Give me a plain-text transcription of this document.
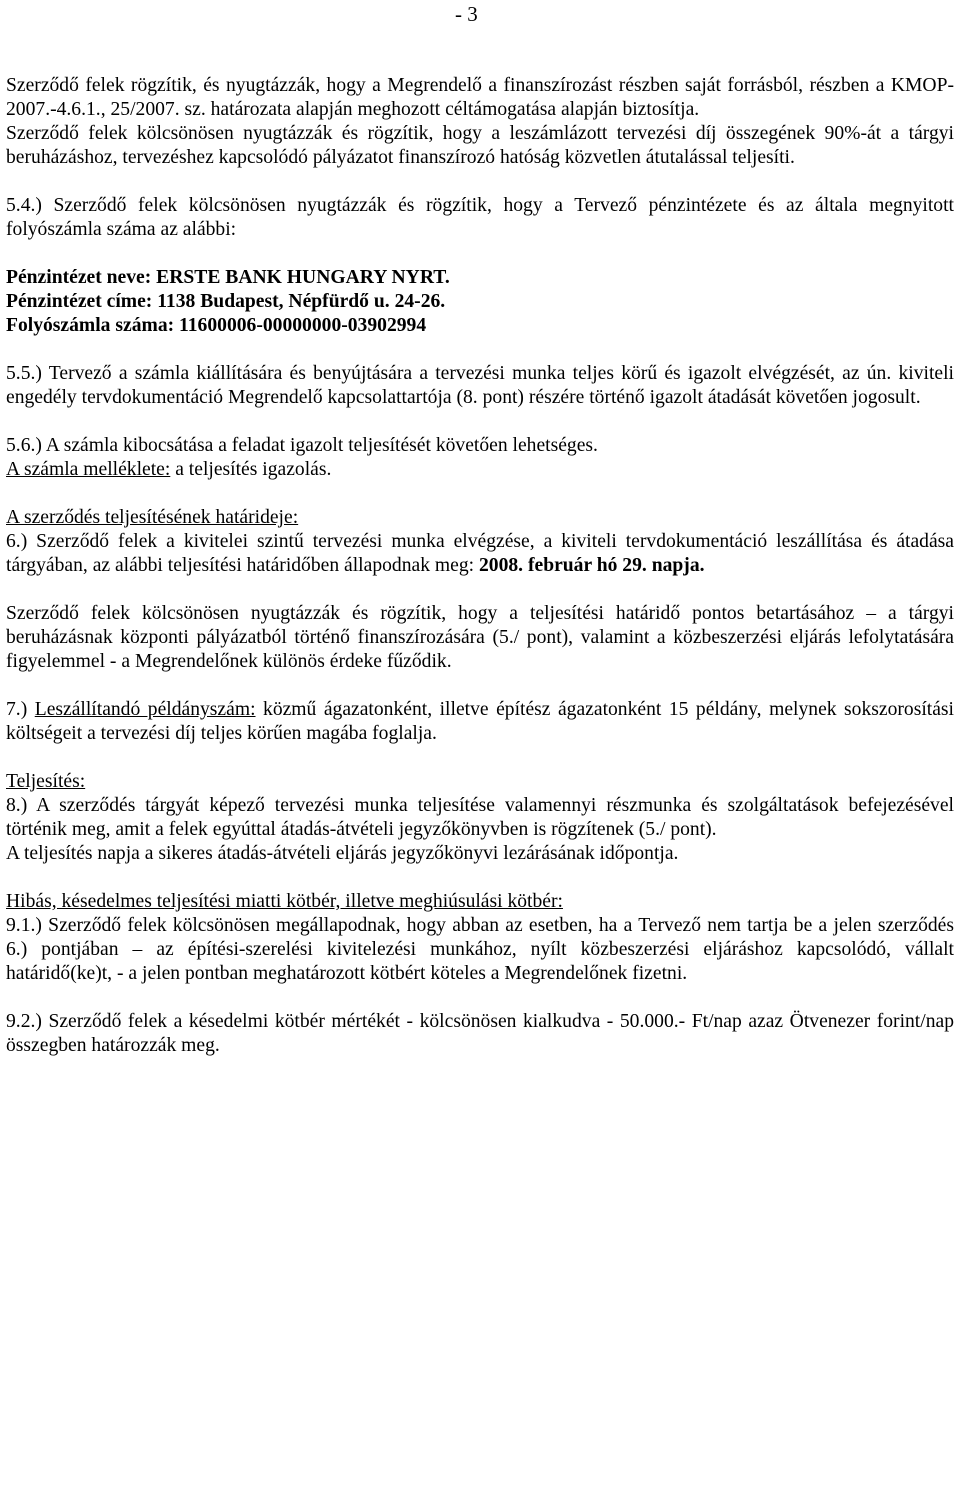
- 3

Szerződő felek rögzítik, és nyugtázzák, hogy a Megrendelő a finanszírozást részben saját forrásból, részben a KMOP-2007.-4.6.1., 25/2007. sz. határozata alapján meghozott céltámogatása alapján biztosítja.

Szerződő felek kölcsönösen nyugtázzák és rögzítik, hogy a leszámlázott tervezési díj összegének 90%-át a tárgyi beruházáshoz, tervezéshez kapcsolódó pályázatot finanszírozó hatóság közvetlen átutalással teljesíti.

5.4.) Szerződő felek kölcsönösen nyugtázzák és rögzítik, hogy a Tervező pénzintézete és az általa megnyitott folyószámla száma az alábbi:

Pénzintézet neve: ERSTE BANK HUNGARY NYRT.

Pénzintézet címe: 1138 Budapest, Népfürdő u. 24-26.

Folyószámla száma: 11600006-00000000-03902994

5.5.) Tervező a számla kiállítására és benyújtására a tervezési munka teljes körű és igazolt elvégzését, az ún. kiviteli engedély tervdokumentáció Megrendelő kapcsolattartója (8. pont) részére történő igazolt átadását követően jogosult.

5.6.) A számla kibocsátása a feladat igazolt teljesítését követően lehetséges.

A számla melléklete: a teljesítés igazolás.

A szerződés teljesítésének határideje:

6.) Szerződő felek a kivitelei szintű tervezési munka elvégzése, a kiviteli tervdokumentáció leszállítása és átadása tárgyában, az alábbi teljesítési határidőben állapodnak meg: 2008. február hó 29. napja.

Szerződő felek kölcsönösen nyugtázzák és rögzítik, hogy a teljesítési határidő pontos betartásához – a tárgyi beruházásnak központi pályázatból történő finanszírozására (5./ pont), valamint a közbeszerzési eljárás lefolytatására figyelemmel - a Megrendelőnek különös érdeke fűződik.

7.) Leszállítandó példányszám: közmű ágazatonként, illetve építész ágazatonként 15 példány, melynek sokszorosítási költségeit a tervezési díj teljes körűen magába foglalja.

Teljesítés:

8.) A szerződés tárgyát képező tervezési munka teljesítése valamennyi részmunka és szolgáltatások befejezésével történik meg, amit a felek egyúttal átadás-átvételi jegyzőkönyvben is rögzítenek (5./ pont).

A teljesítés napja a sikeres átadás-átvételi eljárás jegyzőkönyvi lezárásának időpontja.

Hibás, késedelmes teljesítési miatti kötbér, illetve meghiúsulási kötbér:

9.1.) Szerződő felek kölcsönösen megállapodnak, hogy abban az esetben, ha a Tervező nem tartja be a jelen szerződés 6.) pontjában – az építési-szerelési kivitelezési munkához, nyílt közbeszerzési eljáráshoz kapcsolódó, vállalt határidő(ke)t, - a jelen pontban meghatározott kötbért köteles a Megrendelőnek fizetni.

9.2.) Szerződő felek a késedelmi kötbér mértékét - kölcsönösen kialkudva - 50.000.- Ft/nap azaz Ötvenezer forint/nap összegben határozzák meg.
